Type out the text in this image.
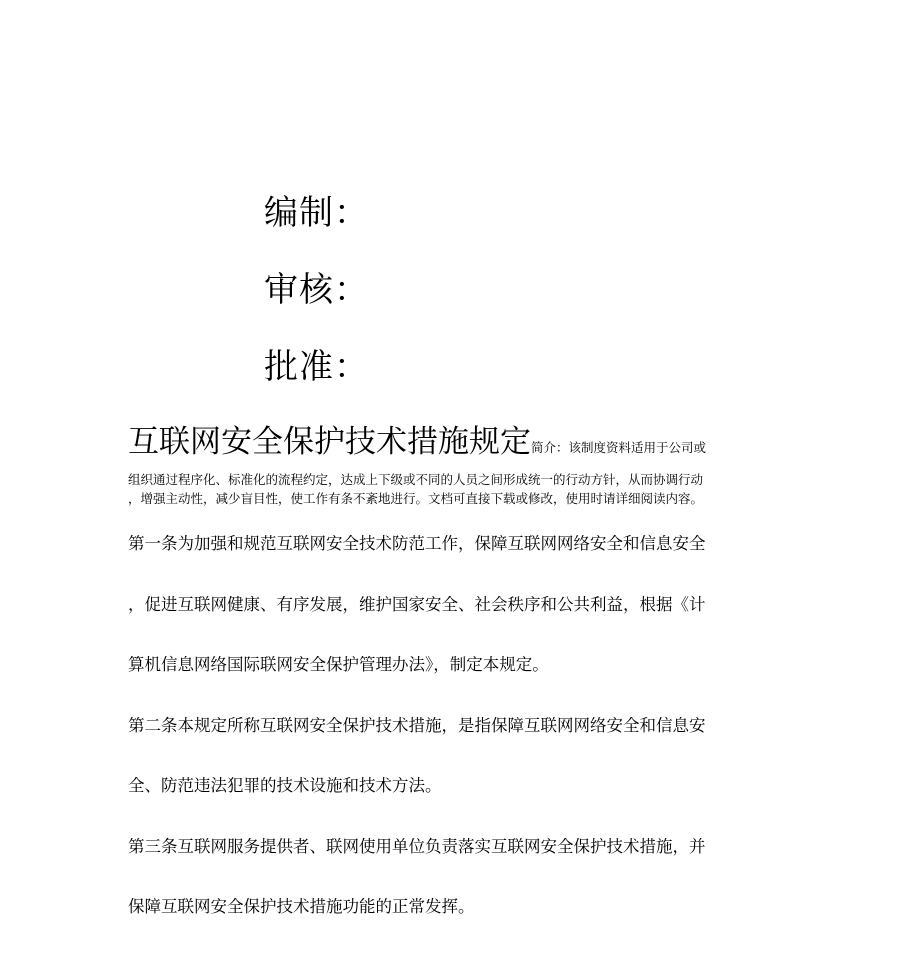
编制：
审核：
批准：
互联网安全保护技术措施规定简介：该制度资料适用于公司或
组织通过程序化、标准化的流程约定，达成上下级或不同的人员之间形成统一的行动方针，从而协调行动
，增强主动性，减少盲目性，使工作有条不紊地进行。文档可直接下载或修改，使用时请详细阅读内容。
第一条为加强和规范互联网安全技术防范工作，保障互联网网络安全和信息安全
，促进互联网健康、有序发展，维护国家安全、社会秩序和公共利益，根据《计
算机信息网络国际联网安全保护管理办法》，制定本规定。
第二条本规定所称互联网安全保护技术措施，是指保障互联网网络安全和信息安
全、防范违法犯罪的技术设施和技术方法。
第三条互联网服务提供者、联网使用单位负责落实互联网安全保护技术措施，并
保障互联网安全保护技术措施功能的正常发挥。
